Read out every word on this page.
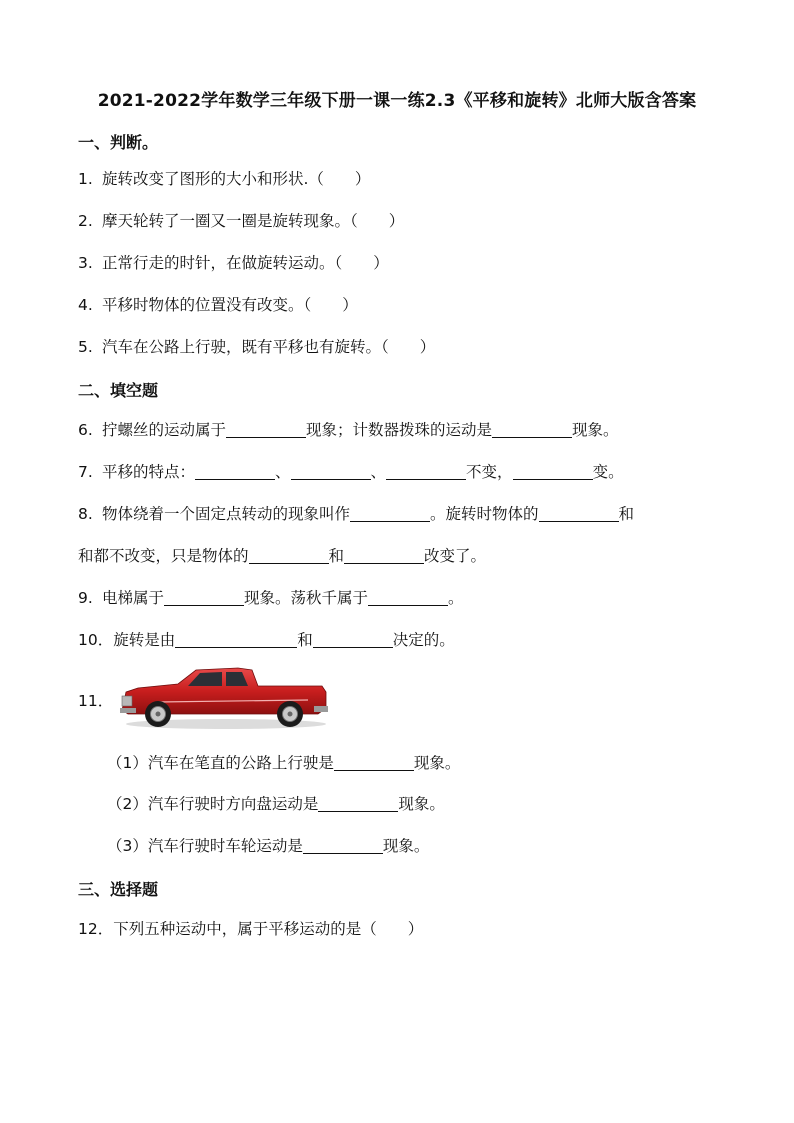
2021-2022学年数学三年级下册一课一练2.3《平移和旋转》北师大版含答案
一、判断。
1. 旋转改变了图形的大小和形状.（　　）
2. 摩天轮转了一圈又一圈是旋转现象。（　　）
3. 正常行走的时针，在做旋转运动。（　　）
4. 平移时物体的位置没有改变。（　　）
5. 汽车在公路上行驶，既有平移也有旋转。（　　）
二、填空题
6. 拧螺丝的运动属于	现象；计数器拨珠的运动是	现象。
7. 平移的特点：	、	、	不变，	变。
8. 物体绕着一个固定点转动的现象叫作	。旋转时物体的	和
和都不改变，只是物体的	和	改变了。
9. 电梯属于	现象。荡秋千属于	。
10．旋转是由	和	决定的。
11．
（1）汽车在笔直的公路上行驶是	现象。
（2）汽车行驶时方向盘运动是	现象。
（3）汽车行驶时车轮运动是	现象。
三、选择题
12．下列五种运动中，属于平移运动的是（　　）
